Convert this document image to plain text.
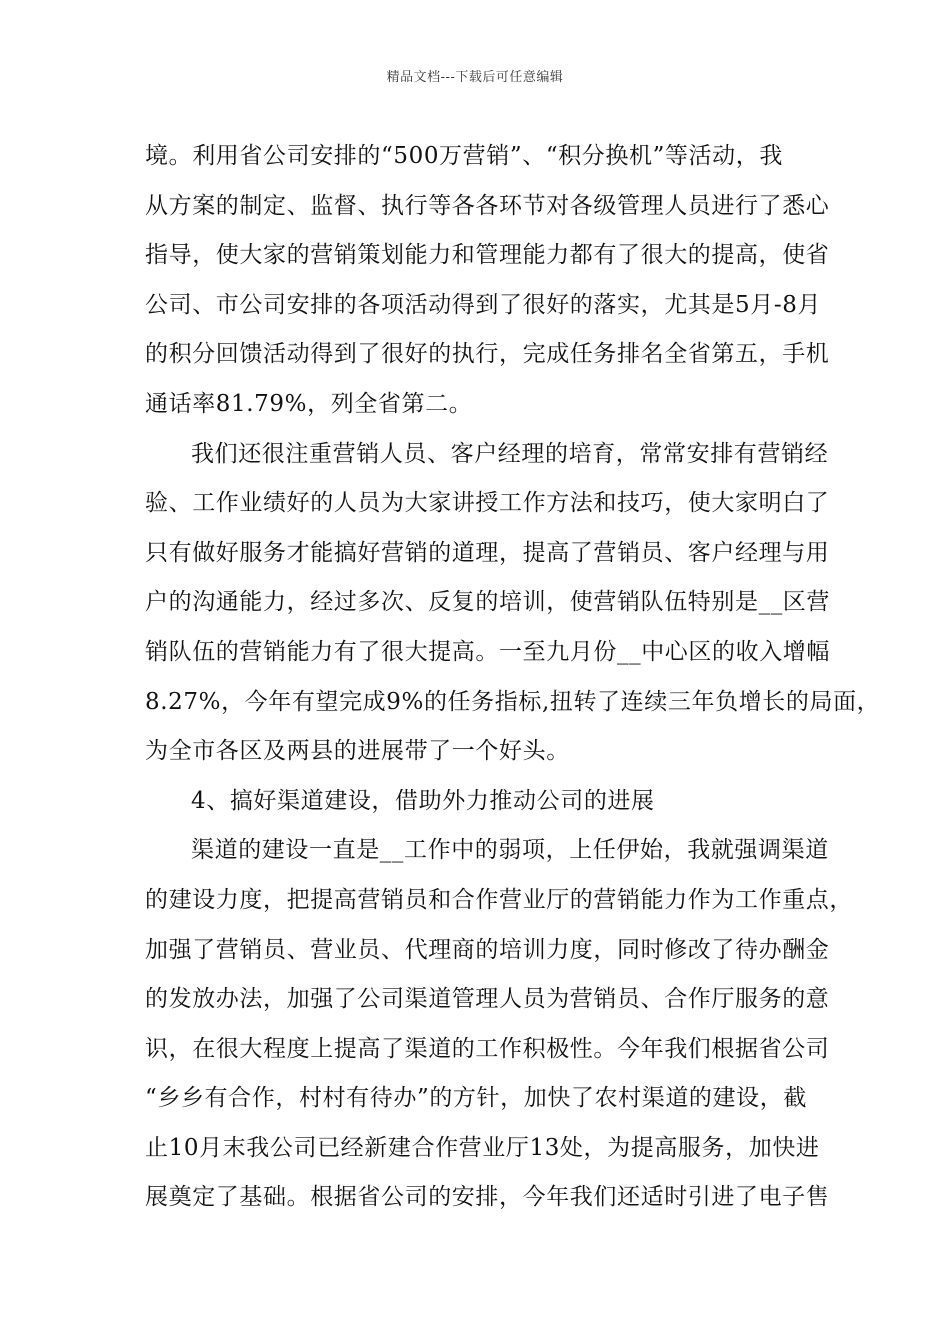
精品文档---下载后可任意编辑
境。利用省公司安排的“500万营销”、“积分换机”等活动，我
从方案的制定、监督、执行等各各环节对各级管理人员进行了悉心
指导，使大家的营销策划能力和管理能力都有了很大的提高，使省
公司、市公司安排的各项活动得到了很好的落实，尤其是5月-8月
的积分回馈活动得到了很好的执行，完成任务排名全省第五，手机
通话率81.79%，列全省第二。
我们还很注重营销人员、客户经理的培育，常常安排有营销经
验、工作业绩好的人员为大家讲授工作方法和技巧，使大家明白了
只有做好服务才能搞好营销的道理，提高了营销员、客户经理与用
户的沟通能力，经过多次、反复的培训，使营销队伍特别是__区营
销队伍的营销能力有了很大提高。一至九月份__中心区的收入增幅
8.27%，今年有望完成9%的任务指标,扭转了连续三年负增长的局面，
为全市各区及两县的进展带了一个好头。
4、搞好渠道建设，借助外力推动公司的进展
渠道的建设一直是__工作中的弱项，上任伊始，我就强调渠道
的建设力度，把提高营销员和合作营业厅的营销能力作为工作重点，
加强了营销员、营业员、代理商的培训力度，同时修改了待办酬金
的发放办法，加强了公司渠道管理人员为营销员、合作厅服务的意
识，在很大程度上提高了渠道的工作积极性。今年我们根据省公司
“乡乡有合作，村村有待办”的方针，加快了农村渠道的建设，截
止10月末我公司已经新建合作营业厅13处，为提高服务，加快进
展奠定了基础。根据省公司的安排，今年我们还适时引进了电子售
